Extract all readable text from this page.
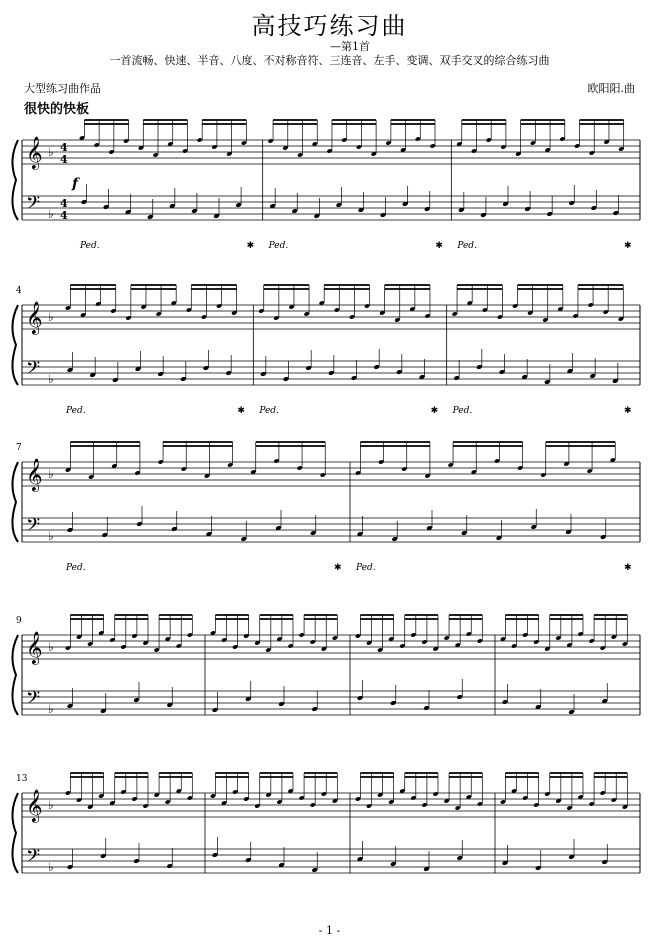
高技巧练习曲
—第1首
一首流畅、快速、半音、八度、不对称音符、三连音、左手、变调、双手交叉的综合练习曲
大型练习曲作品
很快的快板
欧阳阳.曲
𝄞
𝄢
♭
♭
4
4
4
4
Ped.	✱ Ped.	✱ Ped.	✱
𝄞
𝄢
♭
♭
4
Ped.	✱ Ped.	✱ Ped.	✱
𝄞
𝄢
♭
♭
7
Ped.	✱ Ped.	✱
𝄞
𝄢
♭
♭
9
𝄞
𝄢
♭
♭
13
f
- 1 -
